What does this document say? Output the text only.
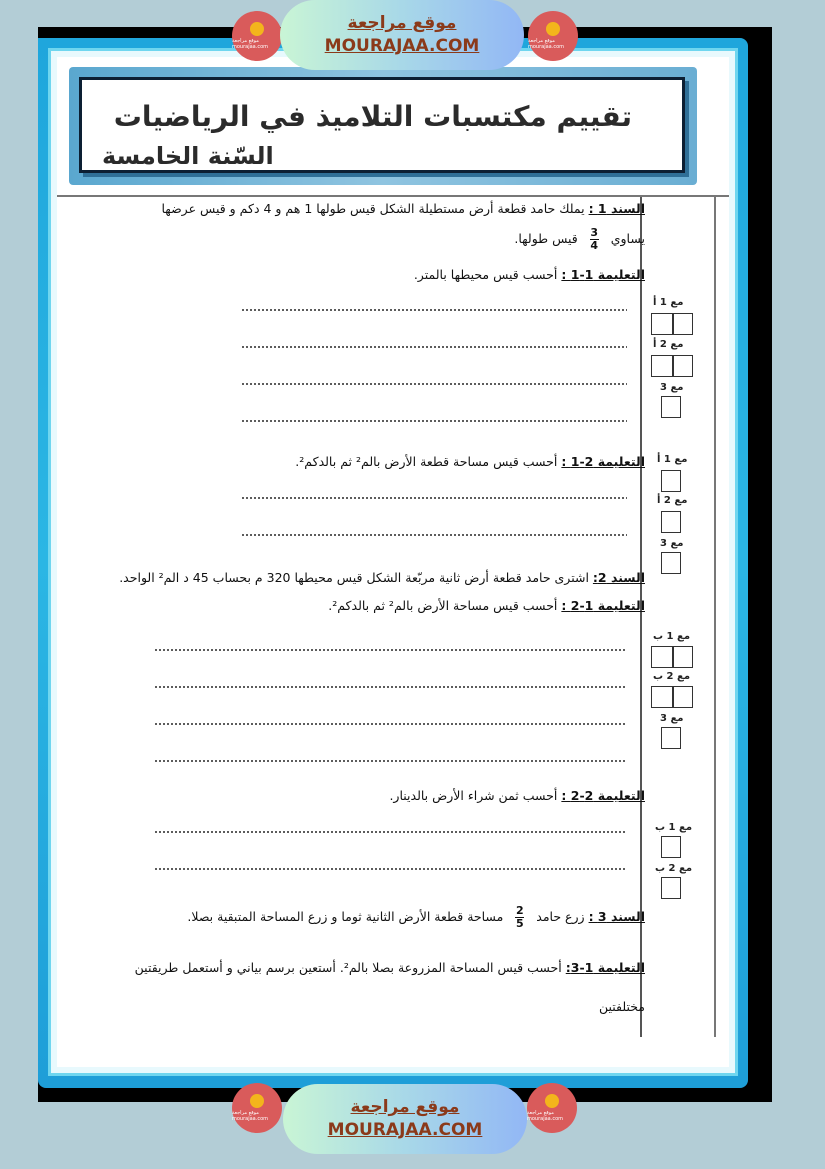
تقييم مكتسبات التلاميذ في الرياضيات
السّنة الخامسة
السند 1 : يملك حامد قطعة أرض مستطيلة الشكل قيس طولها 1 هم و 4 دكم و قيس عرضها
يساوي
$\frac{3}{4}$
قيس طولها.
التعليمة 1-1 : أحسب قيس محيطها بالمتر.
التعليمة 2-1 : أحسب قيس مساحة قطعة الأرض بالم² ثم بالدكم².
السند 2: اشترى حامد قطعة أرض ثانية مربّعة الشكل قيس محيطها 320 م بحساب 45 د الم² الواحد.
التعليمة 1-2 : أحسب قيس مساحة الأرض بالم² ثم بالدكم².
التعليمة 2-2 : أحسب ثمن شراء الأرض بالدينار.
السند 3 : زرع حامد
$\frac{2}{5}$
مساحة قطعة الأرض الثانية ثوما و زرع المساحة المتبقية بصلا.
التعليمة 1-3: أحسب قيس المساحة المزروعة بصلا بالم². أستعين برسم بياني و أستعمل طريقتين
مختلفتين
مع 1 أ
مع 2 أ
مع 3
مع 1 أ
مع 2 أ
مع 3
مع 1 ب
مع 2 ب
مع 3
مع 1 ب
مع 2 ب
موقع مراجعة mourajaa.com
موقع مراجعة
MOURAJAA.COM	موقع مراجعة mourajaa.com
موقع مراجعة mourajaa.com
موقع مراجعة
MOURAJAA.COM
موقع مراجعة mourajaa.com
